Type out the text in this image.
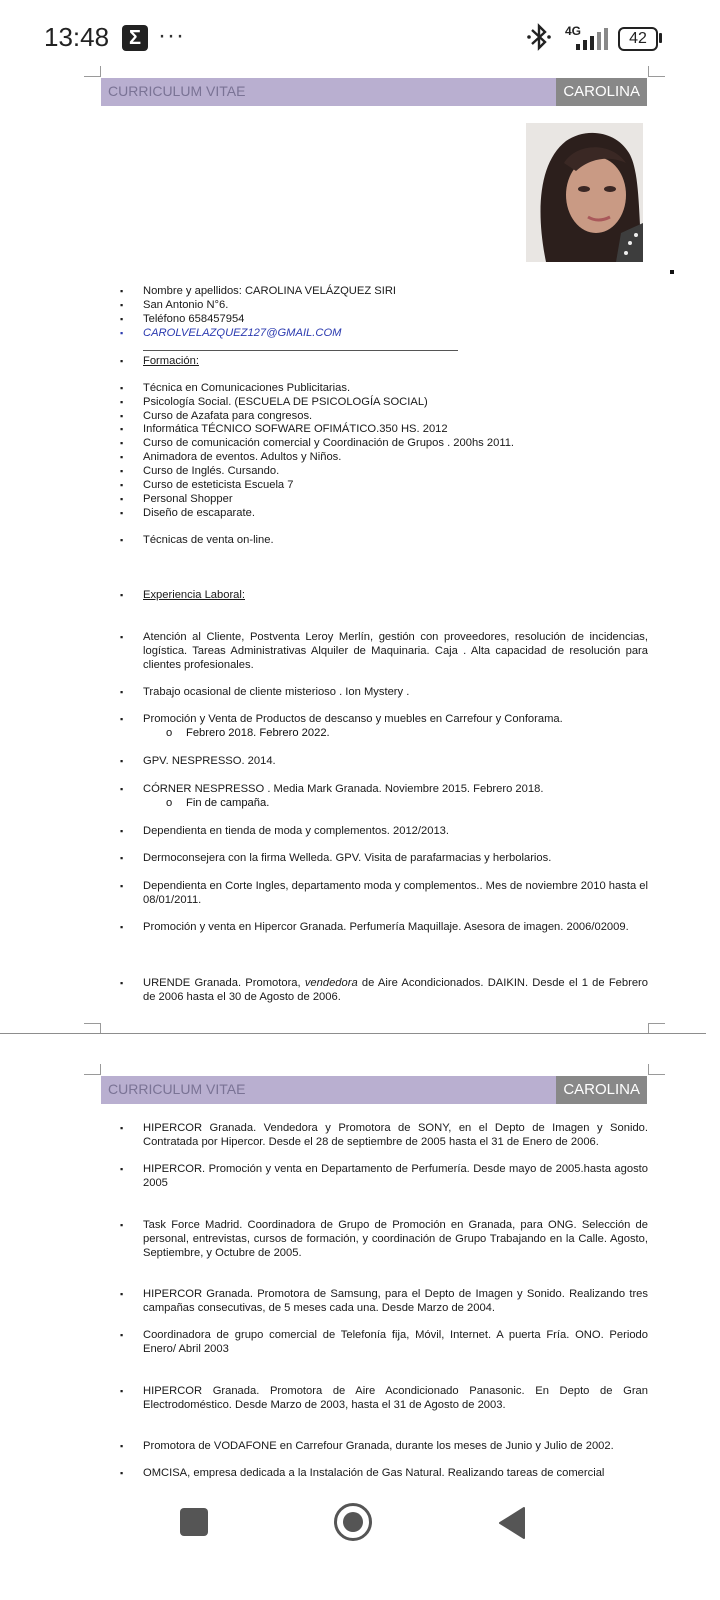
13:48 Σ ···	4G	42
CURRICULUM VITAE	CAROLINA
▪	Nombre y apellidos: CAROLINA VELÁZQUEZ SIRI
▪	San Antonio N°6.
▪	Teléfono 658457954
▪	CAROLVELAZQUEZ127@GMAIL.COM
▪	Formación:
▪	Técnica en Comunicaciones Publicitarias.
▪	Psicología Social. (ESCUELA DE PSICOLOGÍA SOCIAL)
▪	Curso de Azafata para congresos.
▪	Informática TÉCNICO SOFWARE OFIMÁTICO.350 HS. 2012
▪	Curso de comunicación comercial y Coordinación de Grupos . 200hs 2011.
▪	Animadora de eventos. Adultos y Niños.
▪	Curso de Inglés. Cursando.
▪	Curso de esteticista Escuela 7
▪	Personal Shopper
▪	Diseño de escaparate.
▪	Técnicas de venta on-line.
▪	Experiencia Laboral:
▪	Atención al Cliente, Postventa Leroy Merlín, gestión con proveedores, resolución de incidencias, logística. Tareas Administrativas Alquiler de Maquinaria. Caja . Alta capacidad de resolución para clientes profesionales.
▪	Trabajo ocasional de cliente misterioso . Ion Mystery .
▪	Promoción y Venta de Productos de descanso y muebles en Carrefour y Conforama.
o Febrero 2018. Febrero 2022.
▪	GPV. NESPRESSO. 2014.
▪	CÓRNER NESPRESSO . Media Mark Granada. Noviembre 2015. Febrero 2018.
o Fin de campaña.
▪	Dependienta en tienda de moda y complementos. 2012/2013.
▪	Dermoconsejera con la firma Welleda. GPV. Visita de parafarmacias y herbolarios.
▪	Dependienta en Corte Ingles, departamento moda y complementos.. Mes de noviembre 2010 hasta el 08/01/2011.
▪	Promoción y venta en Hipercor Granada. Perfumería Maquillaje. Asesora de imagen. 2006/02009.
▪	URENDE Granada. Promotora, vendedora de Aire Acondicionados. DAIKIN. Desde el 1 de Febrero de 2006 hasta el 30 de Agosto de 2006.
CURRICULUM VITAE	CAROLINA
▪	HIPERCOR Granada. Vendedora y Promotora de SONY, en el Depto de Imagen y Sonido. Contratada por Hipercor. Desde el 28 de septiembre de 2005 hasta el 31 de Enero de 2006.
▪	HIPERCOR. Promoción y venta en Departamento de Perfumería. Desde mayo de 2005.hasta agosto 2005
▪	Task Force Madrid. Coordinadora de Grupo de Promoción en Granada, para ONG. Selección de personal, entrevistas, cursos de formación, y coordinación de Grupo Trabajando en la Calle. Agosto, Septiembre, y Octubre de 2005.
▪	HIPERCOR Granada. Promotora de Samsung, para el Depto de Imagen y Sonido. Realizando tres campañas consecutivas, de 5 meses cada una. Desde Marzo de 2004.
▪	Coordinadora de grupo comercial de Telefonía fija, Móvil, Internet. A puerta Fría. ONO. Periodo Enero/ Abril 2003
▪	HIPERCOR Granada. Promotora de Aire Acondicionado Panasonic. En Depto de Gran Electrodoméstico. Desde Marzo de 2003, hasta el 31 de Agosto de 2003.
▪	Promotora de VODAFONE en Carrefour Granada, durante los meses de Junio y Julio de 2002.
▪	OMCISA, empresa dedicada a la Instalación de Gas Natural. Realizando tareas de comercial
